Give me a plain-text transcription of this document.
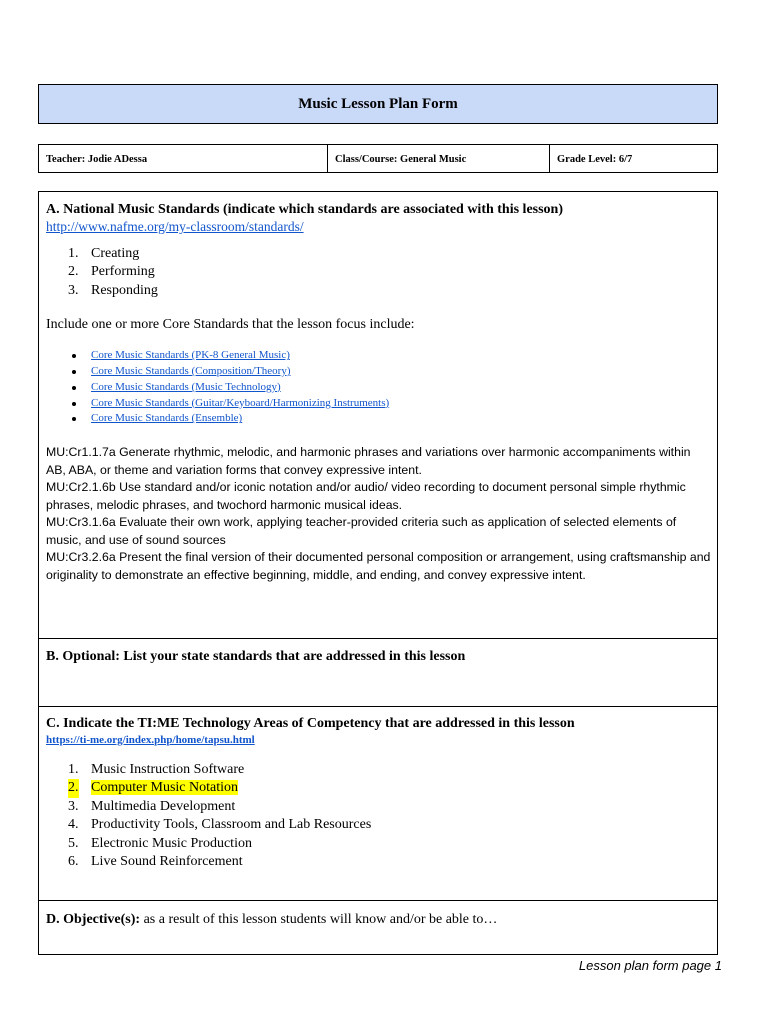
Music Lesson Plan Form
Teacher: Jodie ADessa	Class/Course: General Music	Grade Level: 6/7

A. National Music Standards (indicate which standards are associated with this lesson)

http://www.nafme.org/my-classroom/standards/
1. Creating
2. Performing
3. Responding

Include one or more Core Standards that the lesson focus include:

Core Music Standards (PK-8 General Music)
Core Music Standards (Composition/Theory)
Core Music Standards (Music Technology)
Core Music Standards (Guitar/Keyboard/Harmonizing Instruments)
Core Music Standards (Ensemble)
MU:Cr1.1.7a Generate rhythmic, melodic, and harmonic phrases and variations over harmonic accompaniments within AB, ABA, or theme and variation forms that convey expressive intent.
MU:Cr2.1.6b Use standard and/or iconic notation and/or audio/ video recording to document personal simple rhythmic phrases, melodic phrases, and twochord harmonic musical ideas.
MU:Cr3.1.6a Evaluate their own work, applying teacher-provided criteria such as application of selected elements of music, and use of sound sources
MU:Cr3.2.6a Present the final version of their documented personal composition or arrangement, using craftsmanship and originality to demonstrate an effective beginning, middle, and ending, and convey expressive intent.

B. Optional: List your state standards that are addressed in this lesson

C. Indicate the TI:ME Technology Areas of Competency that are addressed in this lesson

https://ti-me.org/index.php/home/tapsu.html
1. Music Instruction Software
2. Computer Music Notation
3. Multimedia Development
4. Productivity Tools, Classroom and Lab Resources
5. Electronic Music Production
6. Live Sound Reinforcement

D. Objective(s): as a result of this lesson students will know and/or be able to…

Lesson plan form page 1
